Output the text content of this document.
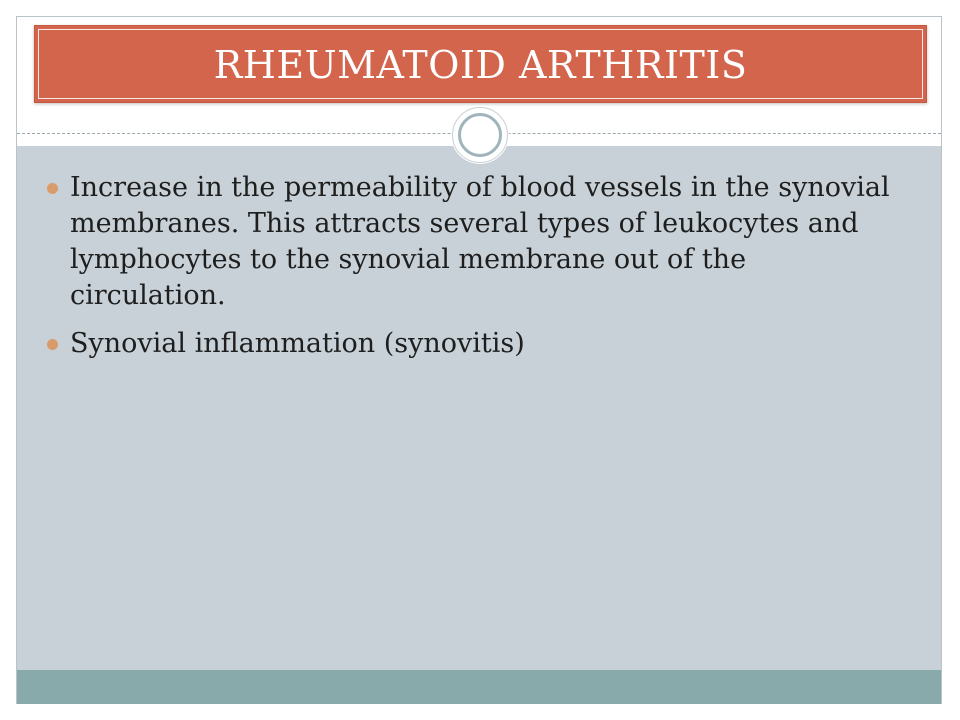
RHEUMATOID ARTHRITIS
Increase in the permeability of blood vessels in the synovial membranes. This attracts several types of leukocytes and lymphocytes to the synovial membrane out of the circulation.
Synovial inflammation (synovitis)
